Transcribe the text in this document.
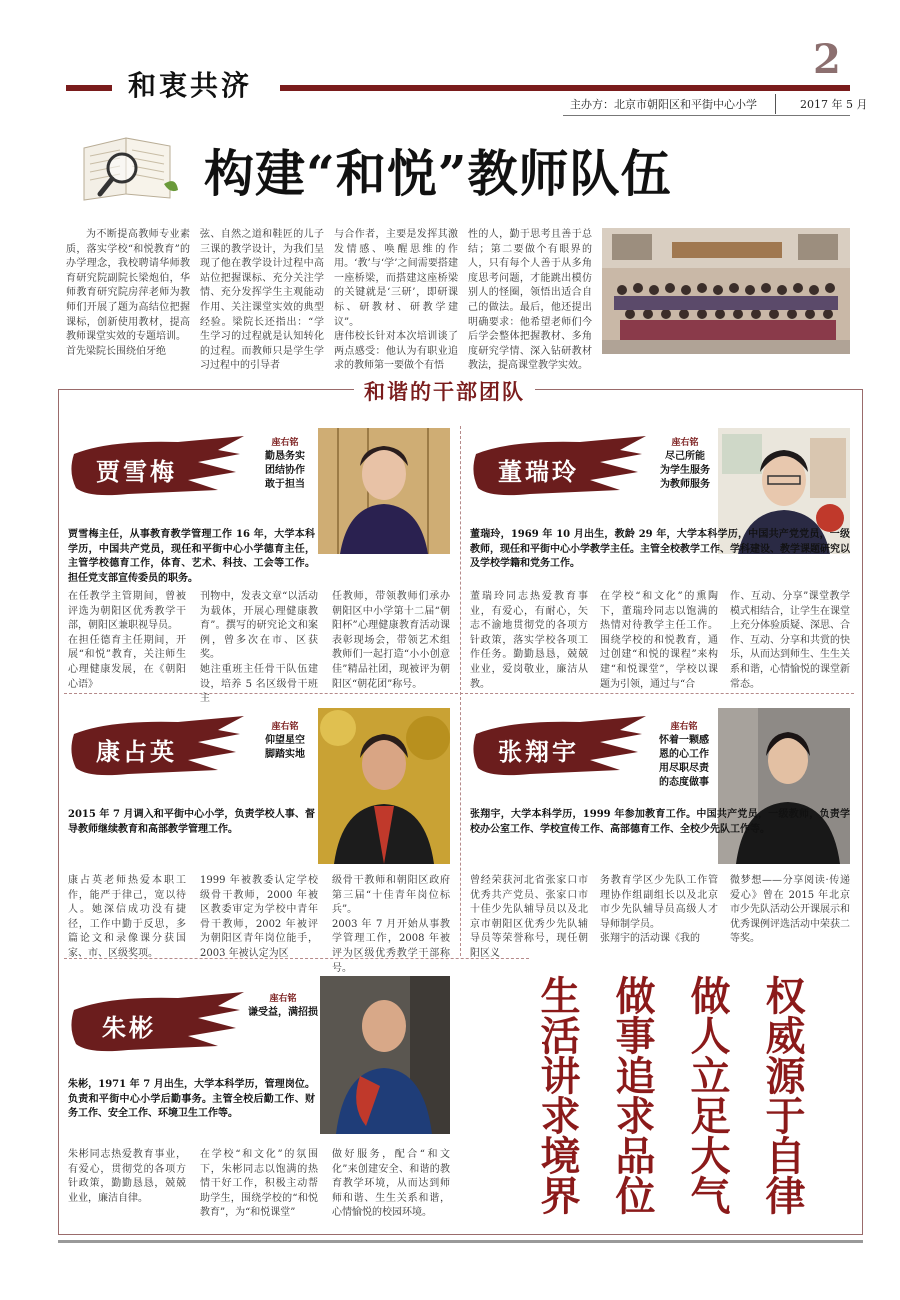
2
和衷共济
主办方：北京市朝阳区和平街中心小学	2017 年 5 月
构建“和悦”教师队伍
为不断提高教师专业素质，落实学校“和悦教育”的办学理念，我校聘请华师教育研究院副院长梁炮伯，华师教育研究院房萍老师为教师们开展了题为高结位把握课标，创新使用教材，提高教师课堂实效的专题培训。
首先梁院长围绕伯牙绝
弦、自然之道和鞋匠的儿子三课的教学设计，为我们呈现了他在教学设计过程中高站位把握课标、充分关注学情、充分发挥学生主观能动作用、关注课堂实效的典型经验。梁院长还指出：“学生学习的过程就是认知转化的过程。而教师只是学生学习过程中的引导者
与合作者，主要是发挥其激发情感、唤醒思维的作用。‘教’与‘学’之间需要搭建一座桥梁，而搭建这座桥梁的关键就是‘三研’，即研课标、研教材、研教学建议”。
唐伟校长针对本次培训谈了两点感受：他认为有职业追求的教师第一要做个有悟
性的人，勤于思考且善于总结；第二要做个有眼界的人，只有每个人善于从多角度思考问题，才能跳出模仿别人的怪圈，领悟出适合自己的做法。最后，他还提出明确要求：他希望老师们今后学会整体把握教材、多角度研究学情、深入钻研教材教法，提高课堂教学实效。
和谐的干部团队
贾雪梅
座右铭
勤恳务实
团结协作
敢于担当
贾雪梅主任，从事教育教学管理工作 16 年，大学本科学历，中国共产党员，现任和平街中心小学德育主任，主管学校德育工作，体育、艺术、科技、工会等工作。担任党支部宣传委员的职务。
在任教学主管期间，曾被评选为朝阳区优秀教学干部，朝阳区兼职视导员。
在担任德育主任期间，开展“和悦”教育，关注师生心理健康发展，在《朝阳心语》
刊物中，发表文章“以活动为载体，开展心理健康教育”。撰写的研究论文和案例，曾多次在市、区获奖。
她注重班主任骨干队伍建设，培养 5 名区级骨干班主
任教师，带领教师们承办朝阳区中小学第十二届“朝阳杯”心理健康教育活动课表彰现场会，带领艺术组教师们一起打造“小小创意佳”精品社团，现被评为朝阳区“朝花团”称号。
董瑞玲
座右铭
尽己所能
为学生服务
为教师服务
董瑞玲，1969 年 10 月出生，教龄 29 年，大学本科学历，中国共产党党员，一级教师，现任和平街中心小学教学主任。主管全校教学工作、学科建设、教学课题研究以及学校学籍和党务工作。
董瑞玲同志热爱教育事业，有爱心，有耐心，矢志不渝地贯彻党的各项方针政策，落实学校各项工作任务。勤勤恳恳，兢兢业业，爱岗敬业，廉洁从教。
在学校“和文化”的熏陶下，董瑞玲同志以饱满的热情对待教学主任工作。围绕学校的和悦教育，通过创建“和悦的课程”来构建“和悦课堂”，学校以课题为引领，通过与“合
作、互动、分享”课堂教学模式相结合，让学生在课堂上充分体验质疑、深思、合作、互动、分享和共赏的快乐，从而达到师生、生生关系和谐，心情愉悦的课堂新常态。
康占英
座右铭
仰望星空
脚踏实地
2015 年 7 月调入和平街中心小学，负责学校人事、督导教师继续教育和高部教学管理工作。
康占英老师热爱本职工作，能严于律己，宽以待人。她深信成功没有捷径，工作中勤于反思，多篇论文和录像课分获国家、市、区级奖项。
1999 年被教委认定学校级骨干教师，2000 年被区教委审定为学校中青年骨干教师，2002 年被评为朝阳区青年岗位能手，2003 年被认定为区
级骨干教师和朝阳区政府第三届“十佳青年岗位标兵”。
2003 年 7 月开始从事教学管理工作，2008 年被评为区级优秀教学干部称号。
张翔宇
座右铭
怀着一颗感
恩的心工作
用尽职尽责
的态度做事
张翔宇，大学本科学历，1999 年参加教育工作。中国共产党员，一级教师，负责学校办公室工作、学校宣传工作、高部德育工作、全校少先队工作等。
曾经荣获河北省张家口市优秀共产党员、张家口市十佳少先队辅导员以及北京市朝阳区优秀少先队辅导员等荣誉称号，现任朝阳区义
务教育学区少先队工作管理协作组副组长以及北京市少先队辅导员高级人才导师制学员。
张翔宇的活动课《我的
微梦想——分享阅读·传递爱心》曾在 2015 年北京市少先队活动公开课展示和优秀课例评选活动中荣获二等奖。
朱彬
座右铭
谦受益，满招损
朱彬，1971 年 7 月出生，大学本科学历，管理岗位。负责和平街中心小学后勤事务。主管全校后勤工作、财务工作、安全工作、环境卫生工作等。
朱彬同志热爱教育事业，有爱心，贯彻党的各项方针政策，勤勤恳恳，兢兢业业，廉洁自律。
在学校“和文化”的氛围下，朱彬同志以饱满的热情干好工作，积极主动帮助学生，围绕学校的“和悦教育”，为“和悦课堂”
做好服务，配合“和文化”来创建安全、和谐的教育教学环境，从而达到师师和谐、生生关系和谐，心情愉悦的校园环境。	权威源于自律
做人立足大气
做事追求品位
生活讲求境界
